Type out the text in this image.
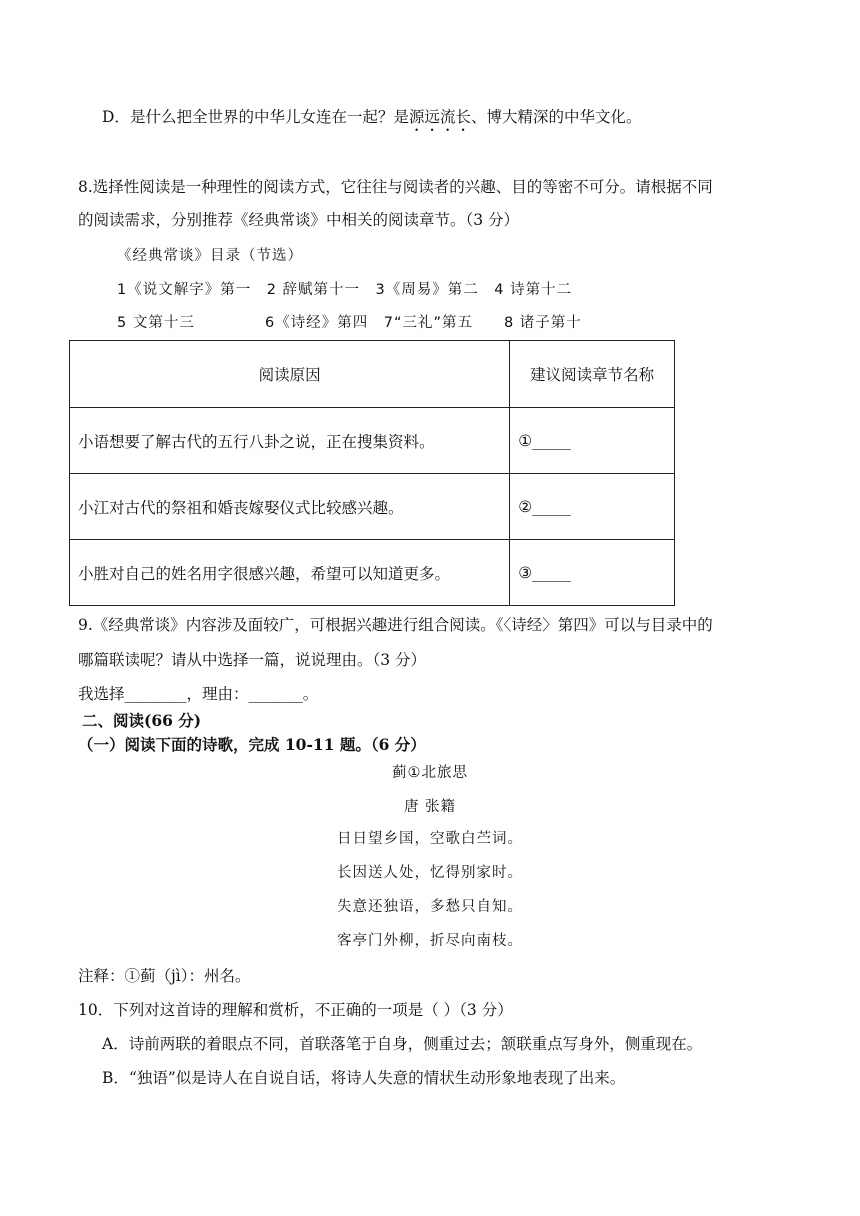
D．是什么把全世界的中华儿女连在一起？是源远流长、博大精深的中华文化。
8.选择性阅读是一种理性的阅读方式，它往往与阅读者的兴趣、目的等密不可分。请根据不同
的阅读需求，分别推荐《经典常谈》中相关的阅读章节。（3 分）
《经典常谈》目录（节选）
1《说文解字》第一　2 辞赋第十一　3《周易》第二　4 诗第十二
5 文第十三	6《诗经》第四　7“三礼”第五　　8 诸子第十
阅读原因	建议阅读章节名称
小语想要了解古代的五行八卦之说，正在搜集资料。	①_____
小江对古代的祭祖和婚丧嫁娶仪式比较感兴趣。	②_____
小胜对自己的姓名用字很感兴趣，希望可以知道更多。	③_____
9.《经典常谈》内容涉及面较广，可根据兴趣进行组合阅读。《〈诗经〉第四》可以与目录中的
哪篇联读呢？请从中选择一篇，说说理由。（3 分）
我选择________，理由：_______。
二、阅读(66 分)
（一）阅读下面的诗歌，完成 10-11 题。（6 分）
蓟①北旅思
唐 张籍
日日望乡国，空歌白苎词。
长因送人处，忆得别家时。
失意还独语，多愁只自知。
客亭门外柳，折尽向南枝。
注释：①蓟（jì）：州名。
10．下列对这首诗的理解和赏析，不正确的一项是（ ）（3 分）
A．诗前两联的着眼点不同，首联落笔于自身，侧重过去；颔联重点写身外，侧重现在。
B．“独语”似是诗人在自说自话，将诗人失意的情状生动形象地表现了出来。
